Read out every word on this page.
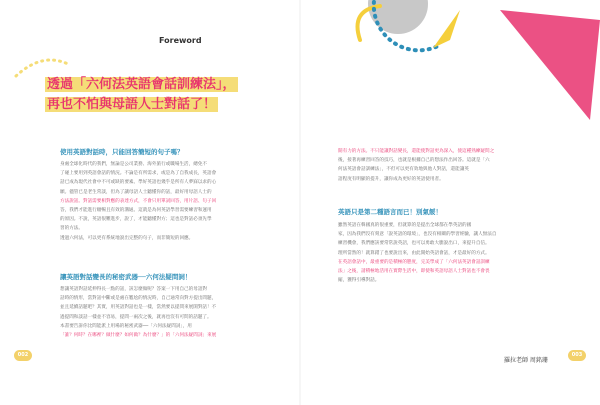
Foreword
透過「六何法英語會話訓練法」，
再也不怕與母語人士對話了！
使用英語對話時，只能回答簡短的句子嗎？
身處全球化時代的我們，無論是公司業務、海外旅行或職場生活，總免不
了碰上要用到英語會話的情況。不論是有所需求，或是為了自我成長，英語會
話已成為現代社會中不可或缺的要素。學好英語也幾乎是所有人夢寐以求的心
願。儘管已是老生常談，但為了讓母語人士聽懂你的話，最好用母語人士的
方法說話。對話需要相對應的表達方式，不會只用單詞回答，用片語、句子回
答，我們才能進行順暢且有效的溝通。這就是為何英語學習需要練習和運用
的原因。不說，英語很難進步，說了，才能聽懂對方；這也是對話必須先學
習的方法。
透過六何法，可以更有系統地說出完整的句子，而非簡短的回應。
讓英語對話變長的秘密武器──六何法疑問詞！
想讓英語對話延伸得長一點的話，該怎麼做呢？答案一下用自己的母語對
話時的情形，當對話中斷或是處在尷尬的情況時，自己通常向對方提出問題，
並且延續話題吧？其實，用英語對話也是一樣，當然要以提問來展開對話！不
過提問和談話一樣並不容易，提問一兩次之後，就再也沒有可問的話題了。
本書要告訴你比問能派上用場的秘密武器──「六何法疑問詞」，用
「誰？何時？在哪裡？做什麼？如何做？為什麼？」的「六何法疑問詞」來展
002
開有力的方法。不只能讓對話變長，還能使對話更為深入，使這種熟練疑問之
後，接著再練習回答的技巧，也就是根據自己的想法作出回答。這就是「六
何法英語會話訓練法」，不但可以更有效地與他人對話，還能讓英
語程度有明顯的提升，讓你成為更好的英語使用者。
英語只是第二種語言而已！別氣餒！
雖然英語在韓國真的很重要，但就算的是提出全球都在學英語的國
家，因為我們沒有刻意「說英語的環境」，也沒有相關的學習經驗，讓人無法自
練習機會，我們應該要常常說英語，也可以勇敢大膽說出口，來提升自信。
理所當然的！就算錯了也要說出來，由此開始英語會話，才是最好的方式。
在英語會話中，最重要的是積極的態度，完美學成了「六何法英語會話訓練
法」之後，請積極地活用在實際生活中，即使和英語母語人士對話也不會畏
縮，獲得引導對話。
003
羅拉老師 周銘珊
